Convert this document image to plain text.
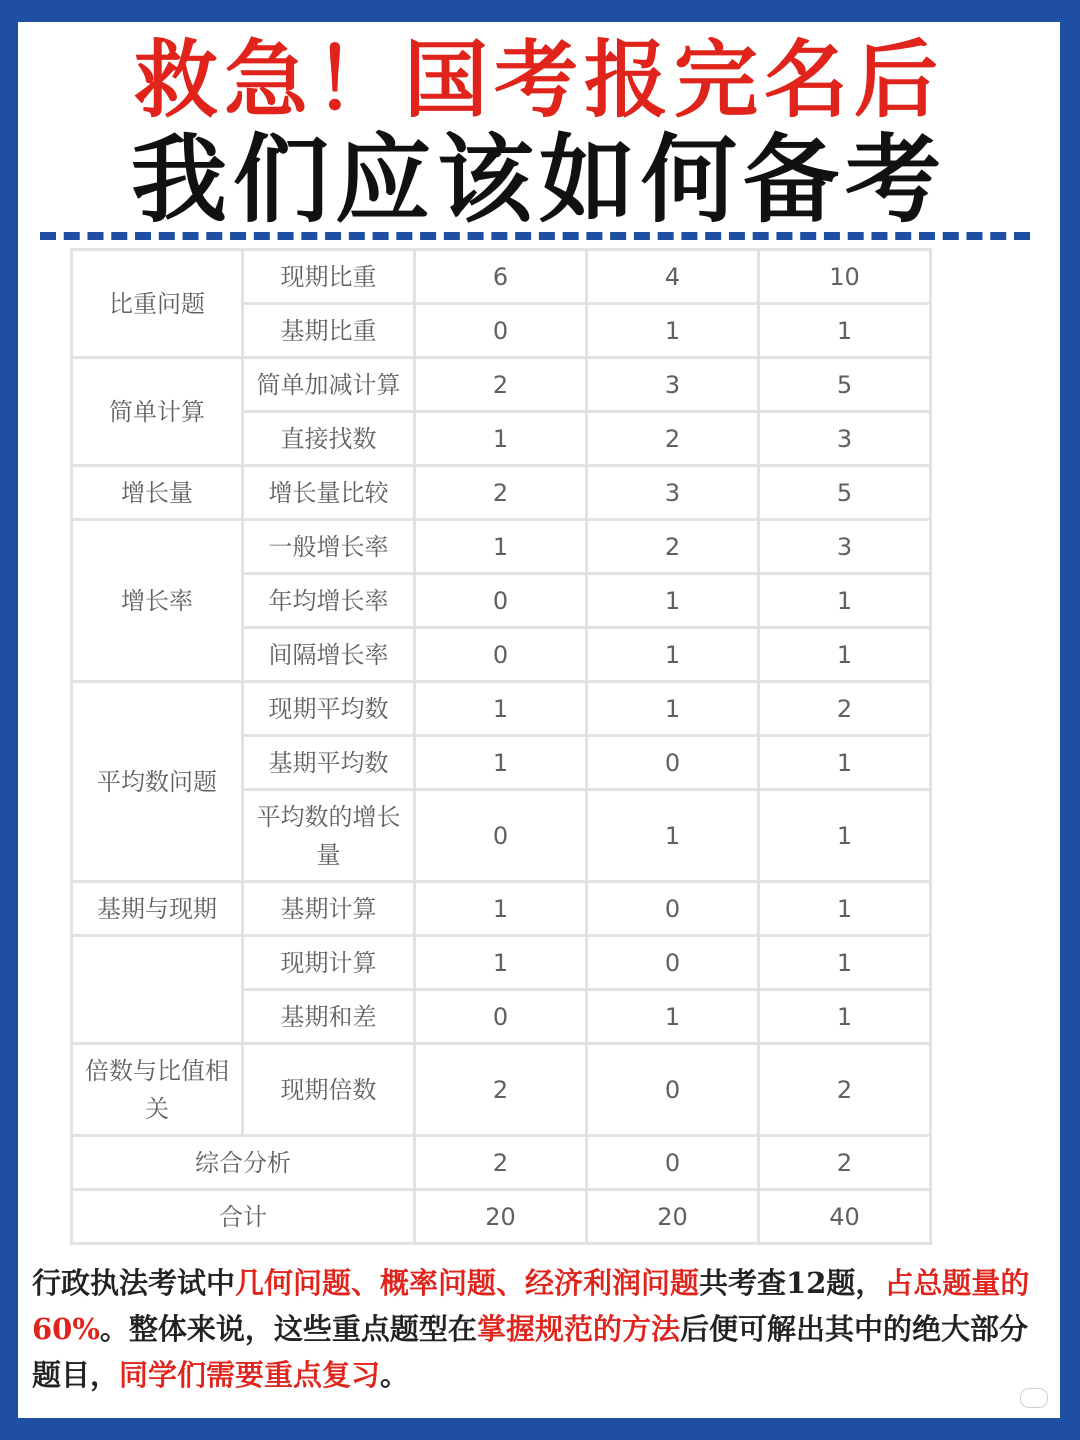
救急！国考报完名后
我们应该如何备考
比重问题	现期比重	6	4	10
	基期比重	0	1	1
简单计算	简单加减计算	2	3	5
	直接找数	1	2	3
增长量	增长量比较	2	3	5
增长率	一般增长率	1	2	3
	年均增长率	0	1	1
	间隔增长率	0	1	1
平均数问题	现期平均数	1	1	2
	基期平均数	1	0	1
	平均数的增长量	0	1	1
基期与现期	基期计算	1	0	1
	现期计算	1	0	1
	基期和差	0	1	1
倍数与比值相关	现期倍数	2	0	2
综合分析		2	0	2
合计		20	20	40
行政执法考试中几何问题、概率问题、经济利润问题共考查12题，占总题量的 60%。整体来说，这些重点题型在掌握规范的方法后便可解出其中的绝大部分题目，同学们需要重点复习。
